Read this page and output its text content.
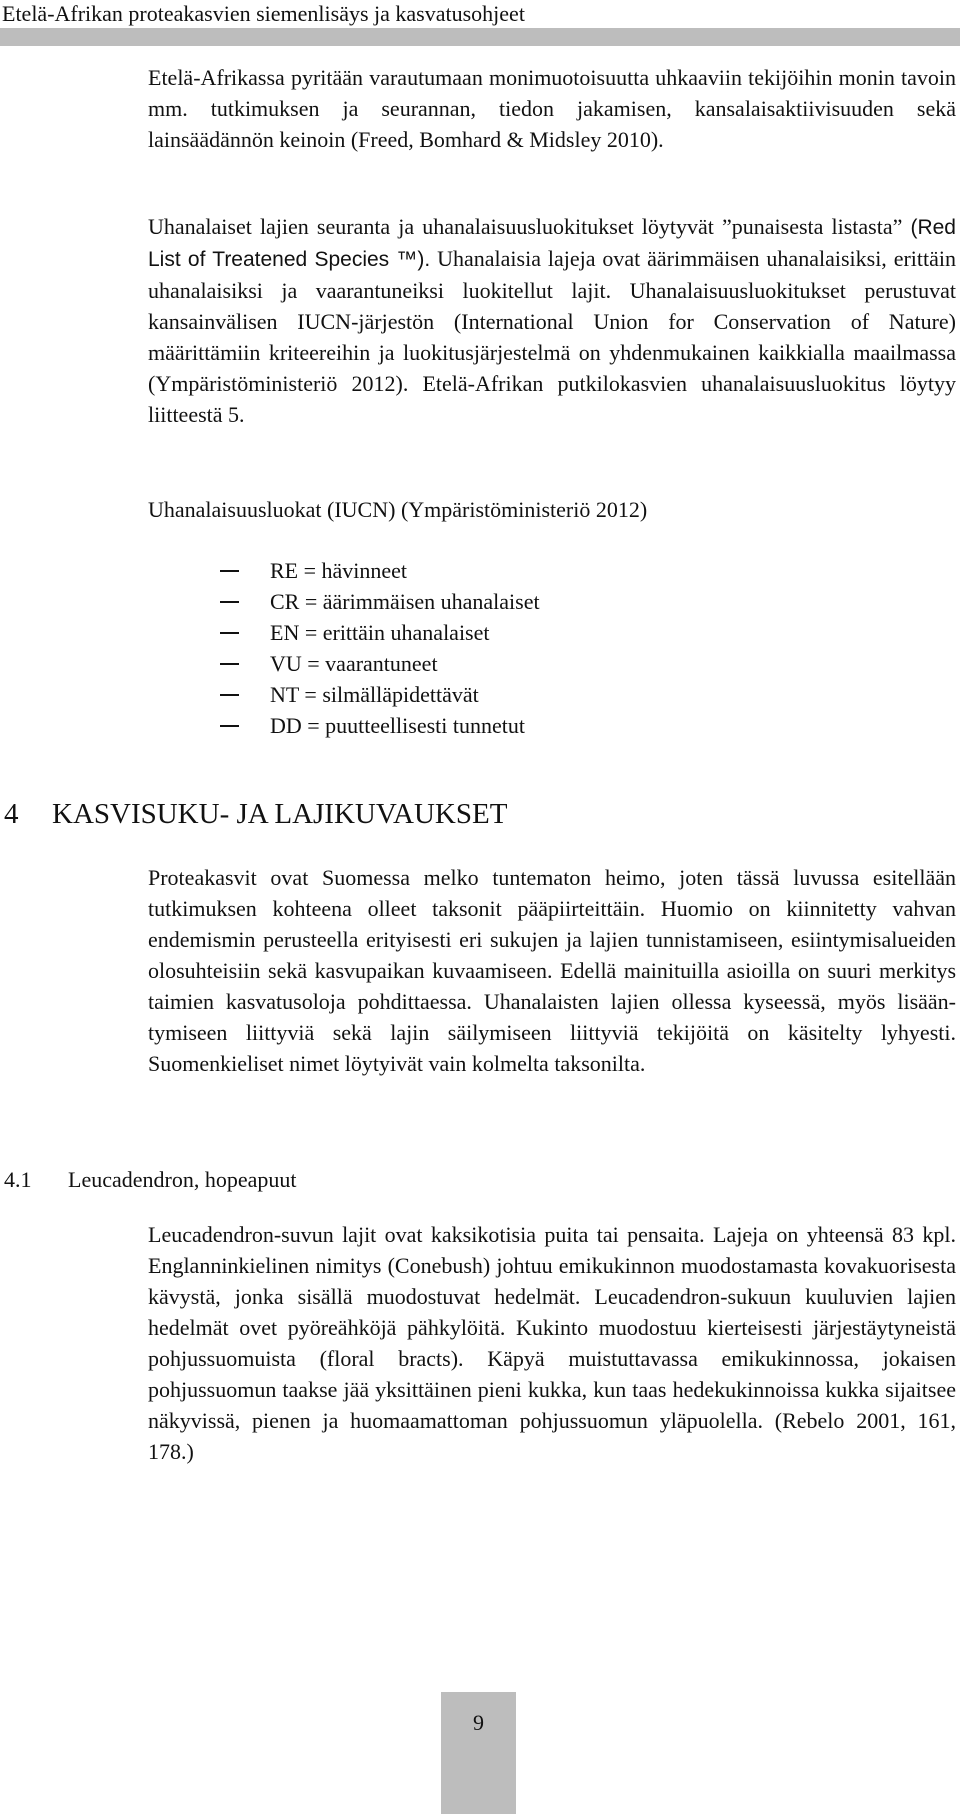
Etelä-Afrikan proteakasvien siemenlisäys ja kasvatusohjeet

Etelä-Afrikassa pyritään varautumaan monimuotoisuutta uhkaaviin tekijöihin monin tavoin mm. tutkimuksen ja seurannan, tiedon jakamisen, kansalaisaktiivisuuden sekä lainsäädännön keinoin (Freed, Bomhard & Midsley 2010).

Uhanalaiset lajien seuranta ja uhanalaisuusluokitukset löytyvät ”punaisesta listasta” (Red List of Treatened Species ™). Uhanalaisia lajeja ovat äärimmäisen uhanalaisiksi, erittäin uhanalaisiksi ja vaarantuneiksi luokitellut lajit. Uhanalaisuusluokitukset perustuvat kansainvälisen IUCN-järjestön (International Union for Conservation of Nature) määrittämiin kriteereihin ja luokitusjärjestelmä on yhdenmukainen kaikkialla maailmassa (Ympäristöministeriö 2012). Etelä-Afrikan putkilokasvien uhanalaisuusluokitus löytyy liitteestä 5.

Uhanalaisuusluokat (IUCN) (Ympäristöministeriö 2012)

RE = hävinneet
CR = äärimmäisen uhanalaiset
EN = erittäin uhanalaiset
VU = vaarantuneet
NT = silmälläpidettävät
DD = puutteellisesti tunnetut
4 KASVISUKU- JA LAJIKUVAUKSET

Proteakasvit ovat Suomessa melko tuntematon heimo, joten tässä luvussa esitellään tutkimuksen kohteena olleet taksonit pääpiirteittäin. Huomio on kiinnitetty vahvan endemismin perusteella erityisesti eri sukujen ja lajien tunnistamiseen, esiintymisalueiden olosuhteisiin sekä kasvupaikan kuvaamiseen. Edellä mainituilla asioilla on suuri merkitys taimien kasvatusoloja pohdittaessa. Uhanalaisten lajien ollessa kyseessä, myös lisääntymiseen liittyviä sekä lajin säilymiseen liittyviä tekijöitä on käsitelty lyhyesti. Suomenkieliset nimet löytyivät vain kolmelta taksonilta.

4.1 Leucadendron, hopeapuut

Leucadendron-suvun lajit ovat kaksikotisia puita tai pensaita. Lajeja on yhteensä 83 kpl. Englanninkielinen nimitys (Conebush) johtuu emikukinnon muodostamasta kovakuorisesta kävystä, jonka sisällä muodostuvat hedelmät. Leucadendron-sukuun kuuluvien lajien hedelmät ovet pyöreähköjä pähkylöitä. Kukinto muodostuu kierteisesti järjestäytyneistä pohjussuomuista (floral bracts). Käpyä muistuttavassa emikukinnossa, jokaisen pohjussuomun taakse jää yksittäinen pieni kukka, kun taas hedekukinnoissa kukka sijaitsee näkyvissä, pienen ja huomaamattoman pohjussuomun yläpuolella. (Rebelo 2001, 161, 178.)

9
